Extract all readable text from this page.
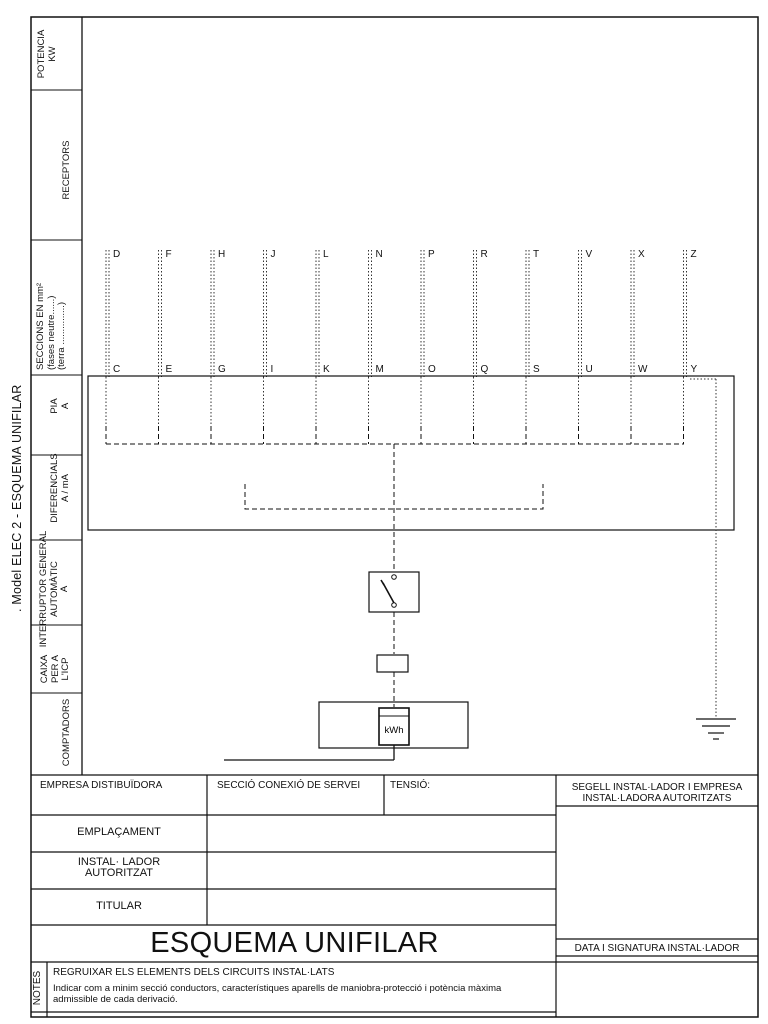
kWh
. Model ELEC 2 - ESQUEMA UNIFILAR
POTENCIA KW
RECEPTORS
SECCIONS EN mm² (fases neutre......) (terra ...............)
PIA A
DIFERENCIALS A / mA
INTERRUPTOR GENERAL AUTOMÀTIC A
CAIXA PER A L'ICP
COMPTADORS
D	F	H	J	L	N	P	R	T	V	X	Z
C	E	G	I	K	M	O	Q	S	U	W	Y
EMPRESA DISTIBUÏDORA	SECCIÓ CONEXIÓ DE SERVEI	TENSIÓ:
EMPLAÇAMENT
INSTAL· LADOR
AUTORITZAT
TITULAR
SEGELL INSTAL·LADOR I EMPRESA
INSTAL·LADORA AUTORITZATS
ESQUEMA UNIFILAR	DATA I SIGNATURA INSTAL·LADOR
NOTES REGRUIXAR ELS ELEMENTS DELS CIRCUITS INSTAL·LATS
Indicar com a minim secció conductors, característiques aparells de maniobra-protecció i potència màxima
admissible de cada derivació.
